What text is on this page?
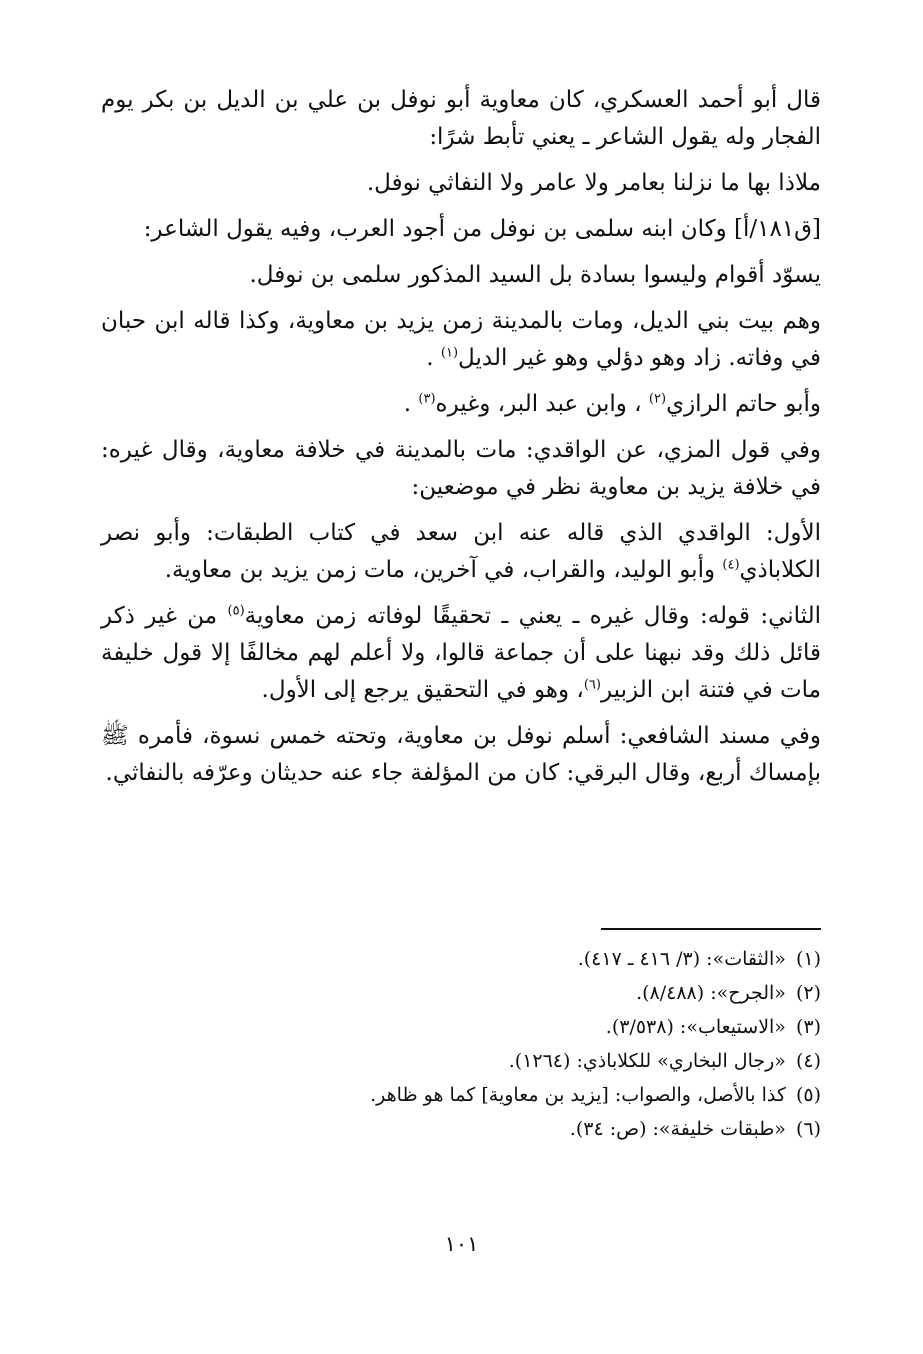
قال أبو أحمد العسكري، كان معاوية أبو نوفل بن علي بن الديل بن بكر يوم الفجار وله يقول الشاعر ـ يعني تأبط شرًا:

ملاذا بها ما نزلنا بعامر ولا عامر ولا النفاثي نوفل.

[ق١٨١/أ] وكان ابنه سلمى بن نوفل من أجود العرب، وفيه يقول الشاعر:

يسوّد أقوام وليسوا بسادة بل السيد المذكور سلمى بن نوفل.

وهم بيت بني الديل، ومات بالمدينة زمن يزيد بن معاوية، وكذا قاله ابن حبان في وفاته. زاد وهو دؤلي وهو غير الديل$^{(١)}$ .

وأبو حاتم الرازي$^{(٢)}$ ، وابن عبد البر، وغيره$^{(٣)}$ .

وفي قول المزي، عن الواقدي: مات بالمدينة في خلافة معاوية، وقال غيره: في خلافة يزيد بن معاوية نظر في موضعين:

الأول: الواقدي الذي قاله عنه ابن سعد في كتاب الطبقات: وأبو نصر الكلاباذي$^{(٤)}$ وأبو الوليد، والقراب، في آخرين، مات زمن يزيد بن معاوية.

الثاني: قوله: وقال غيره ـ يعني ـ تحقيقًا لوفاته زمن معاوية$^{(٥)}$ من غير ذكر قائل ذلك وقد نبهنا على أن جماعة قالوا، ولا أعلم لهم مخالفًا إلا قول خليفة مات في فتنة ابن الزبير$^{(٦)}$، وهو في التحقيق يرجع إلى الأول.

وفي مسند الشافعي: أسلم نوفل بن معاوية، وتحته خمس نسوة، فأمره ﷺ بإمساك أربع، وقال البرقي: كان من المؤلفة جاء عنه حديثان وعرّفه بالنفاثي.

(١)«الثقات»: (٣/ ٤١٦ ـ ٤١٧).

(٢)«الجرح»: (٨/٤٨٨).

(٣)«الاستيعاب»: (٣/٥٣٨).

(٤)«رجال البخاري» للكلاباذي: (١٢٦٤).

(٥)كذا بالأصل، والصواب: [يزيد بن معاوية] كما هو ظاهر.

(٦)«طبقات خليفة»: (ص: ٣٤).

١٠١
